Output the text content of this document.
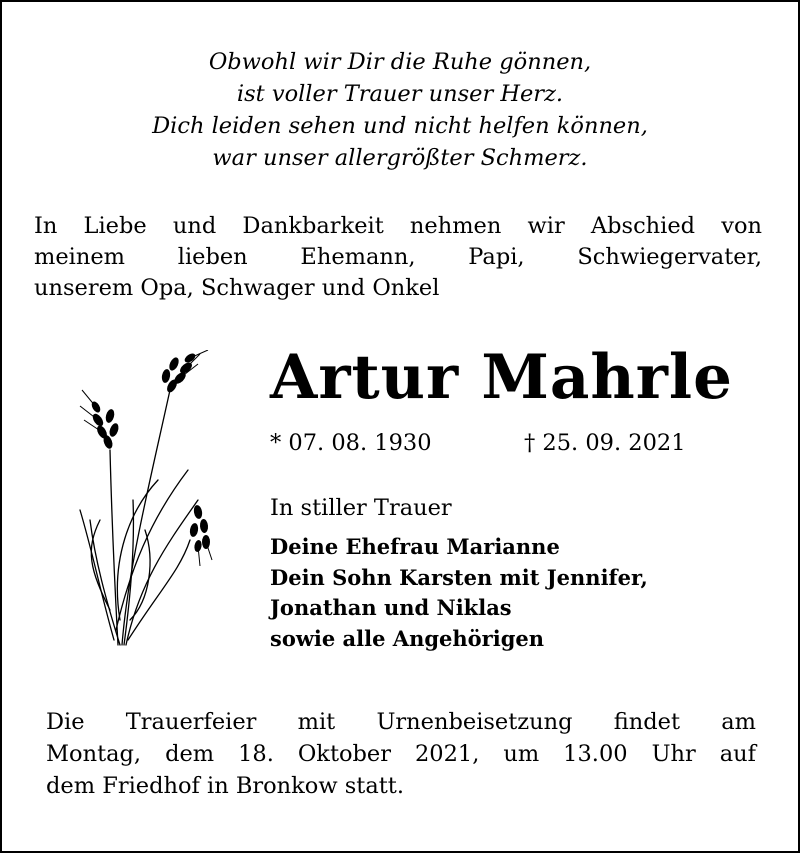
Obwohl wir Dir die Ruhe gönnen,
ist voller Trauer unser Herz.
Dich leiden sehen und nicht helfen können,
war unser allergrößter Schmerz.
In Liebe und Dankbarkeit nehmen wir Abschied von
meinem lieben Ehemann, Papi, Schwiegervater,
unserem Opa, Schwager und Onkel
Artur Mahrle
* 07. 08. 1930	† 25. 09. 2021
In stiller Trauer
Deine Ehefrau Marianne
Dein Sohn Karsten mit Jennifer,
Jonathan und Niklas
sowie alle Angehörigen
Die Trauerfeier mit Urnenbeisetzung findet am
Montag, dem 18. Oktober 2021, um 13.00 Uhr auf
dem Friedhof in Bronkow statt.
